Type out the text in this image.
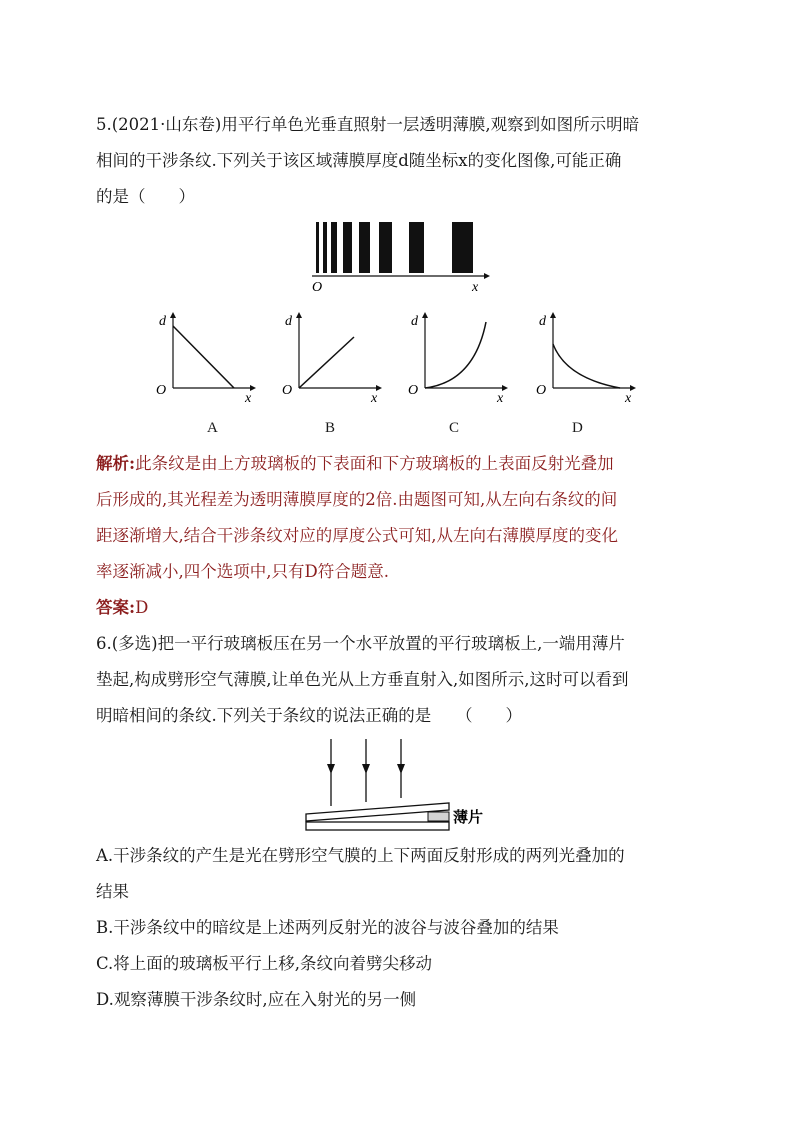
5.(2021·山东卷)用平行单色光垂直照射一层透明薄膜,观察到如图所示明暗
相间的干涉条纹.下列关于该区域薄膜厚度d随坐标x的变化图像,可能正确
的是（　　）
O	x
d
O
x
A
d
O
x
B
d
O
x
C
d
O
x
D
解析:此条纹是由上方玻璃板的下表面和下方玻璃板的上表面反射光叠加
后形成的,其光程差为透明薄膜厚度的2倍.由题图可知,从左向右条纹的间
距逐渐增大,结合干涉条纹对应的厚度公式可知,从左向右薄膜厚度的变化
率逐渐减小,四个选项中,只有D符合题意.
答案:D
6.(多选)把一平行玻璃板压在另一个水平放置的平行玻璃板上,一端用薄片
垫起,构成劈形空气薄膜,让单色光从上方垂直射入,如图所示,这时可以看到
明暗相间的条纹.下列关于条纹的说法正确的是　　（　　）
薄片
A.干涉条纹的产生是光在劈形空气膜的上下两面反射形成的两列光叠加的
结果
B.干涉条纹中的暗纹是上述两列反射光的波谷与波谷叠加的结果
C.将上面的玻璃板平行上移,条纹向着劈尖移动
D.观察薄膜干涉条纹时,应在入射光的另一侧
